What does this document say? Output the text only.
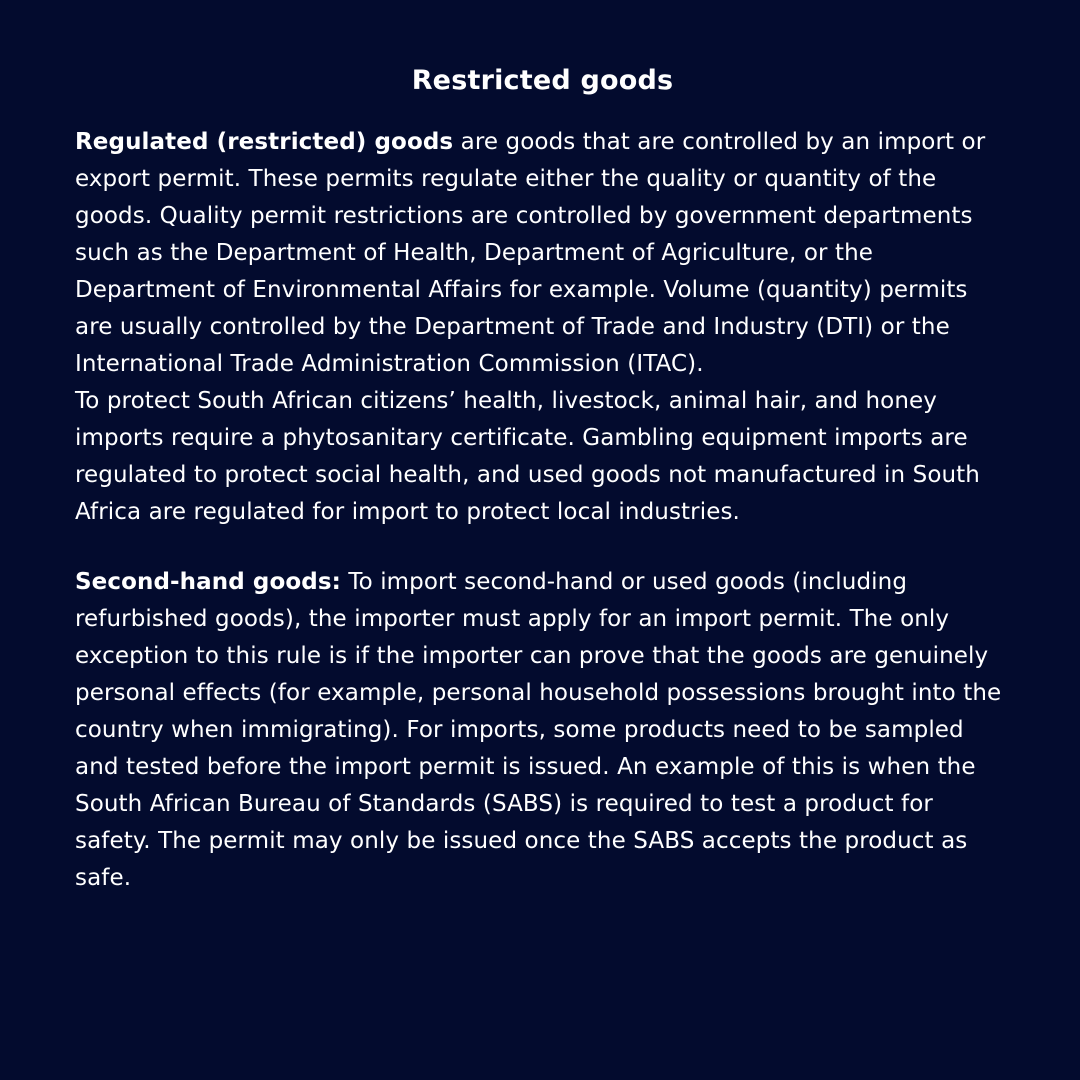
Restricted goods

Regulated (restricted) goods are goods that are controlled by an import or export permit. These permits regulate either the quality or quantity of the goods. Quality permit restrictions are controlled by government departments such as the Department of Health, Department of Agriculture, or the Department of Environmental Affairs for example. Volume (quantity) permits are usually controlled by the Department of Trade and Industry (DTI) or the International Trade Administration Commission (ITAC).

To protect South African citizens’ health, livestock, animal hair, and honey imports require a phytosanitary certificate. Gambling equipment imports are regulated to protect social health, and used goods not manufactured in South Africa are regulated for import to protect local industries.

Second-hand goods: To import second-hand or used goods (including refurbished goods), the importer must apply for an import permit. The only exception to this rule is if the importer can prove that the goods are genuinely personal effects (for example, personal household possessions brought into the country when immigrating). For imports, some products need to be sampled and tested before the import permit is issued. An example of this is when the South African Bureau of Standards (SABS) is required to test a product for safety. The permit may only be issued once the SABS accepts the product as safe.
